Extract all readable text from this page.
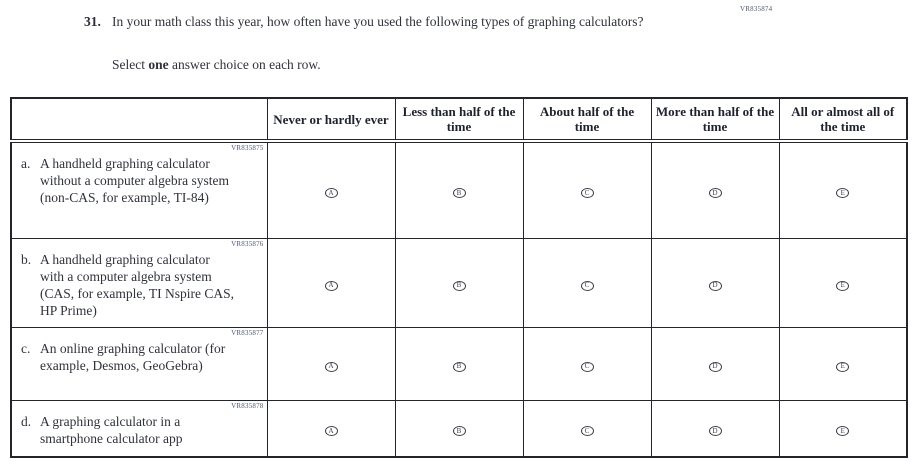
VR835874
31. In your math class this year, how often have you used the following types of graphing calculators?
Select one answer choice on each row.
	Never or hardly ever	Less than half of the time	About half of the time	More than half of the time	All or almost all of the time

VR835875
a. A handheld graphing calculator without a computer algebra system (non-CAS, for example, TI-84)	A	B	C	D	E

VR835876
b. A handheld graphing calculator with a computer algebra system (CAS, for example, TI Nspire CAS, HP Prime)	A	B	C	D	E

VR835877
c. An online graphing calculator (for example, Desmos, GeoGebra)	A	B	C	D	E

VR835878
d. A graphing calculator in a smartphone calculator app	A	B	C	D	E
